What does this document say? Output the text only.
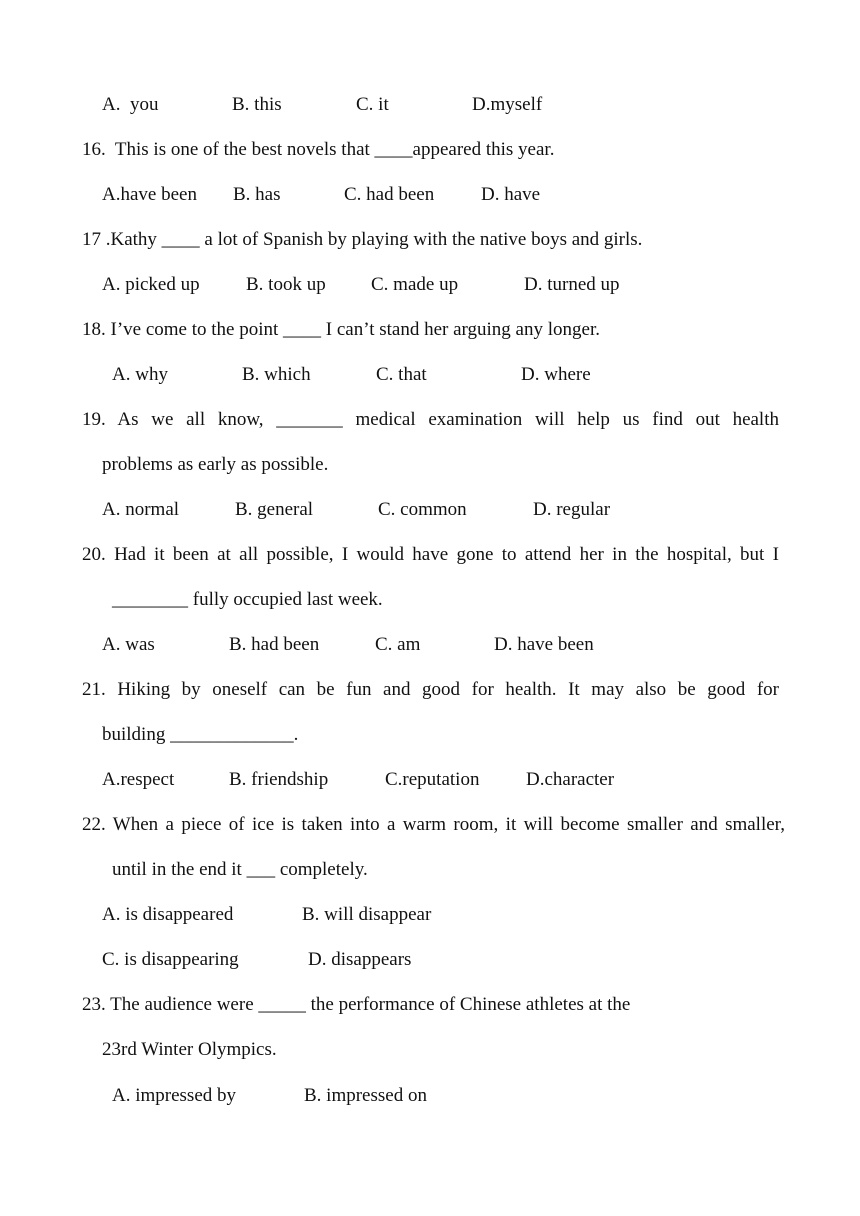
A.  you	B. this	C. it	D.myself
16.  This is one of the best novels that ____appeared this year.
A.have been B. has	C. had been D. have
17 .Kathy ____ a lot of Spanish by playing with the native boys and girls.
A. picked up B. took up C. made up	D. turned up
18. I’ve come to the point ____ I can’t stand her arguing any longer.
A. why	B. which	C. that	D. where
19. As we all know, _______ medical examination will help us find out health
problems as early as possible.
A. normal	B. general	C. common	D. regular
20. Had it been at all possible, I would have gone to attend her in the hospital, but I
________ fully occupied last week.
A. was	B. had been	C. am	D. have been
21. Hiking by oneself can be fun and good for health. It may also be good for
building _____________.
A.respect	B. friendship	C.reputation D.character
22. When a piece of ice is taken into a warm room, it will become smaller and smaller,
until in the end it ___ completely.
A. is disappeared	B. will disappear
C. is disappearing	D. disappears
23. The audience were _____ the performance of Chinese athletes at the
23rd Winter Olympics.
A. impressed by	B. impressed on
